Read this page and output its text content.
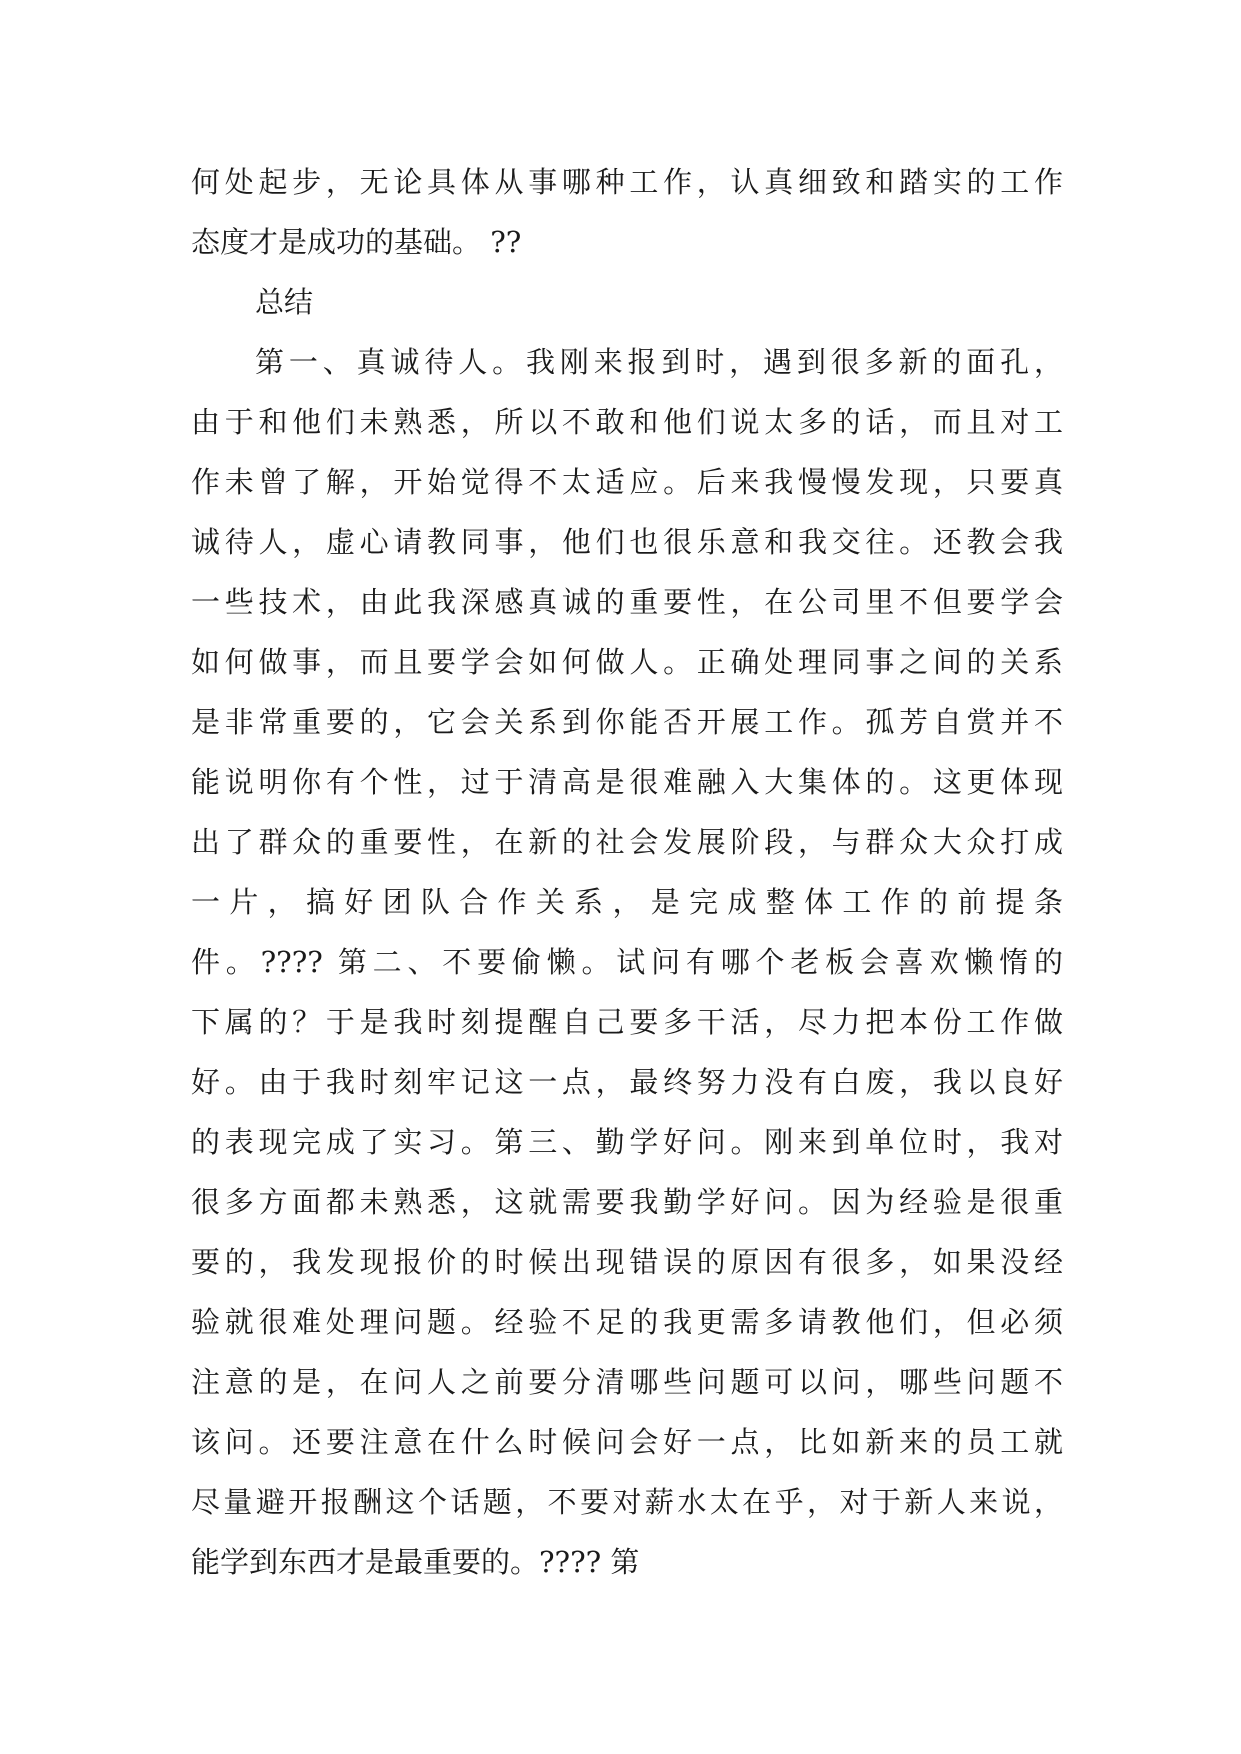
何处起步，无论具体从事哪种工作，认真细致和踏实的工作
态度才是成功的基础。 ??
总结
第一、真诚待人。我刚来报到时，遇到很多新的面孔，
由于和他们未熟悉，所以不敢和他们说太多的话，而且对工
作未曾了解，开始觉得不太适应。后来我慢慢发现，只要真
诚待人，虚心请教同事，他们也很乐意和我交往。还教会我
一些技术，由此我深感真诚的重要性，在公司里不但要学会
如何做事，而且要学会如何做人。正确处理同事之间的关系
是非常重要的，它会关系到你能否开展工作。孤芳自赏并不
能说明你有个性，过于清高是很难融入大集体的。这更体现
出了群众的重要性，在新的社会发展阶段，与群众大众打成
一片，搞好团队合作关系，是完成整体工作的前提条
件。???? 第二、不要偷懒。试问有哪个老板会喜欢懒惰的
下属的？于是我时刻提醒自己要多干活，尽力把本份工作做
好。由于我时刻牢记这一点，最终努力没有白废，我以良好
的表现完成了实习。第三、勤学好问。刚来到单位时，我对
很多方面都未熟悉，这就需要我勤学好问。因为经验是很重
要的，我发现报价的时候出现错误的原因有很多，如果没经
验就很难处理问题。经验不足的我更需多请教他们，但必须
注意的是，在问人之前要分清哪些问题可以问，哪些问题不
该问。还要注意在什么时候问会好一点，比如新来的员工就
尽量避开报酬这个话题，不要对薪水太在乎，对于新人来说，
能学到东西才是最重要的。???? 第
